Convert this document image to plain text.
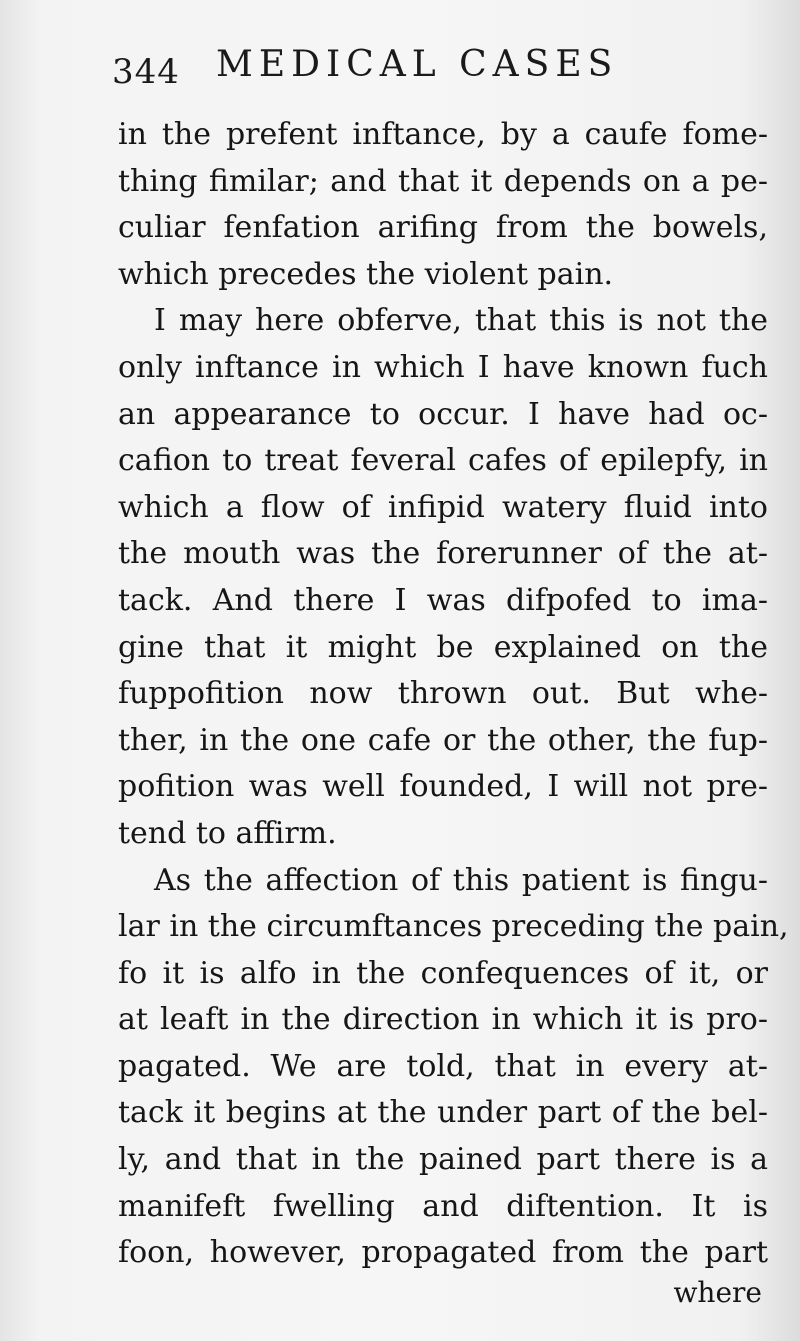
344 MEDICAL CASES
in the prefent inftance, by a caufe fome-
thing fimilar; and that it depends on a pe-
culiar fenfation arifing from the bowels,
which precedes the violent pain.
I may here obferve, that this is not the
only inftance in which I have known fuch
an appearance to occur. I have had oc-
cafion to treat feveral cafes of epilepfy, in
which a flow of infipid watery fluid into
the mouth was the forerunner of the at-
tack. And there I was difpofed to ima-
gine that it might be explained on the
fuppofition now thrown out. But whe-
ther, in the one cafe or the other, the fup-
pofition was well founded, I will not pre-
tend to affirm.
As the affection of this patient is fingu-
lar in the circumftances preceding the pain,
fo it is alfo in the confequences of it, or
at leaft in the direction in which it is pro-
pagated. We are told, that in every at-
tack it begins at the under part of the bel-
ly, and that in the pained part there is a
manifeft fwelling and diftention. It is
foon, however, propagated from the part
where
